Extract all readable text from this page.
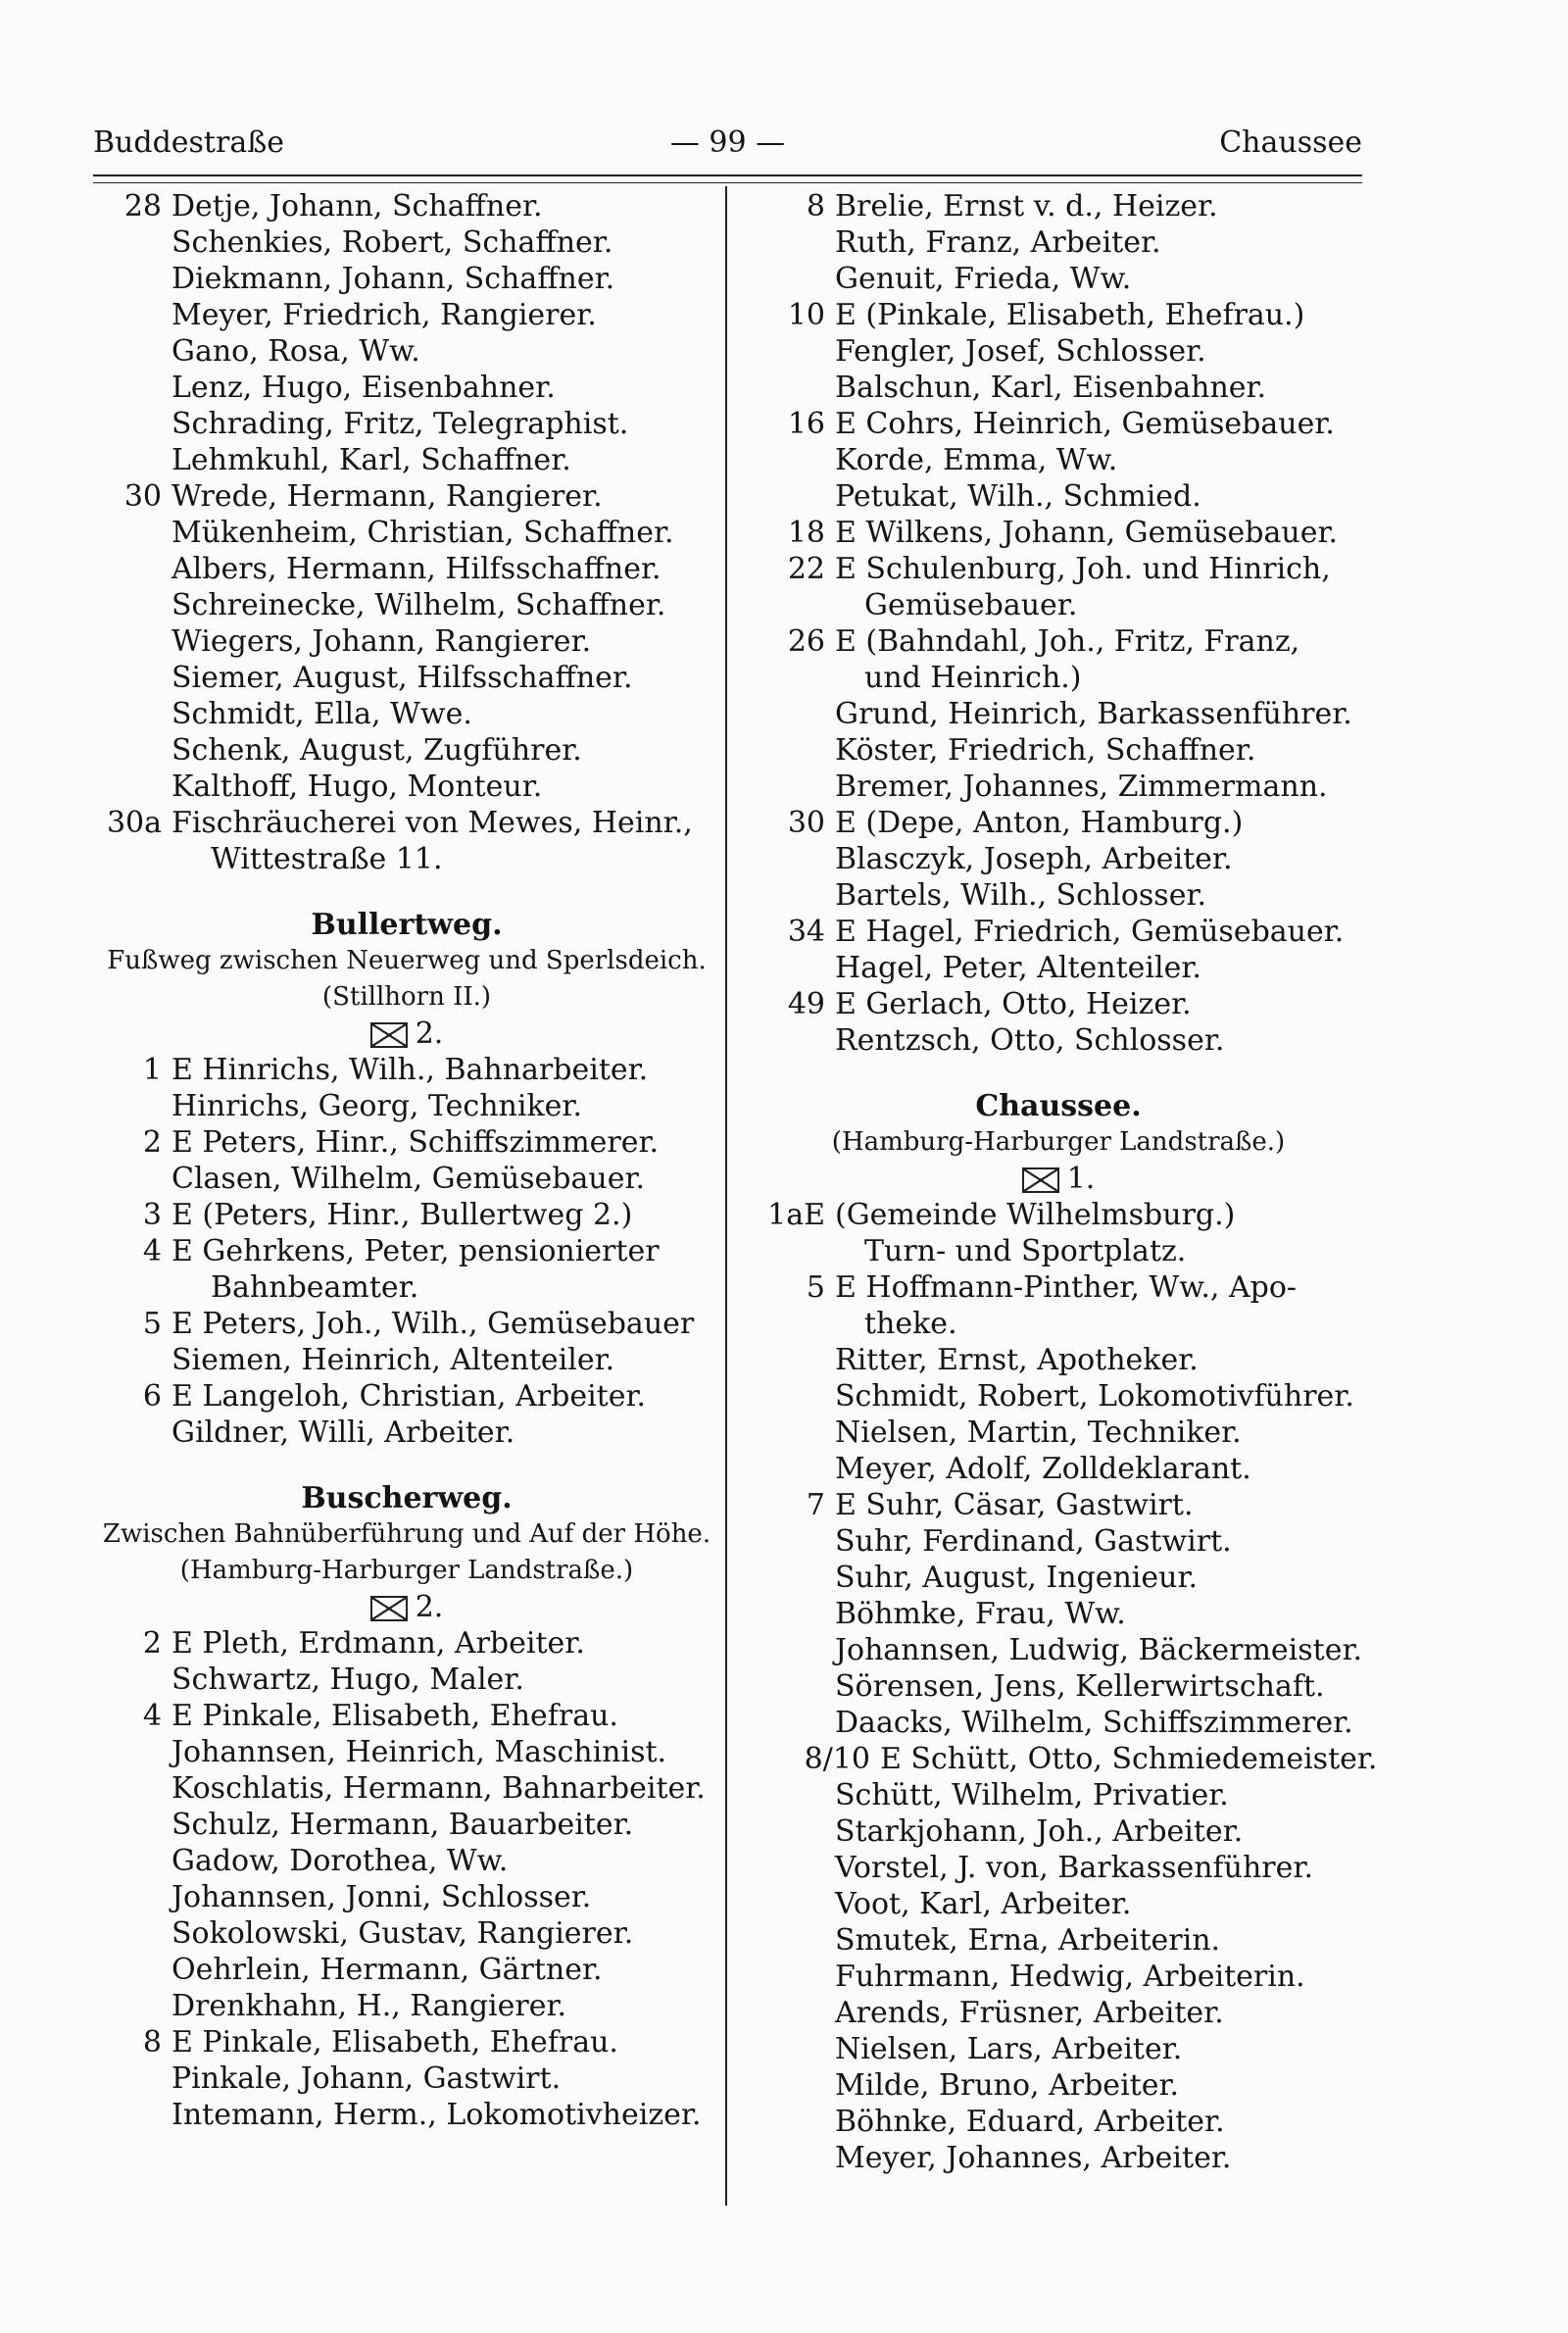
Buddestraße	— 99 —	Chaussee
28 Detje, Johann, Schaffner.
Schenkies, Robert, Schaffner.
Diekmann, Johann, Schaffner.
Meyer, Friedrich, Rangierer.
Gano, Rosa, Ww.
Lenz, Hugo, Eisenbahner.
Schrading, Fritz, Telegraphist.
Lehmkuhl, Karl, Schaffner.
30 Wrede, Hermann, Rangierer.
Mükenheim, Christian, Schaffner.
Albers, Hermann, Hilfsschaffner.
Schreinecke, Wilhelm, Schaffner.
Wiegers, Johann, Rangierer.
Siemer, August, Hilfsschaffner.
Schmidt, Ella, Wwe.
Schenk, August, Zugführer.
Kalthoff, Hugo, Monteur.
30a Fischräucherei von Mewes, Heinr.,
Wittestraße 11.
Bullertweg.
Fußweg zwischen Neuerweg und Sperlsdeich.
(Stillhorn II.)
2.
1 E Hinrichs, Wilh., Bahnarbeiter.
Hinrichs, Georg, Techniker.
2 E Peters, Hinr., Schiffszimmerer.
Clasen, Wilhelm, Gemüsebauer.
3 E (Peters, Hinr., Bullertweg 2.)
4 E Gehrkens, Peter, pensionierter
Bahnbeamter.
5 E Peters, Joh., Wilh., Gemüsebauer
Siemen, Heinrich, Altenteiler.
6 E Langeloh, Christian, Arbeiter.
Gildner, Willi, Arbeiter.
Buscherweg.
Zwischen Bahnüberführung und Auf der Höhe.
(Hamburg-Harburger Landstraße.)
2.
2 E Pleth, Erdmann, Arbeiter.
Schwartz, Hugo, Maler.
4 E Pinkale, Elisabeth, Ehefrau.
Johannsen, Heinrich, Maschinist.
Koschlatis, Hermann, Bahnarbeiter.
Schulz, Hermann, Bauarbeiter.
Gadow, Dorothea, Ww.
Johannsen, Jonni, Schlosser.
Sokolowski, Gustav, Rangierer.
Oehrlein, Hermann, Gärtner.
Drenkhahn, H., Rangierer.
8 E Pinkale, Elisabeth, Ehefrau.
Pinkale, Johann, Gastwirt.
Intemann, Herm., Lokomotivheizer.
8 Brelie, Ernst v. d., Heizer.
Ruth, Franz, Arbeiter.
Genuit, Frieda, Ww.
10 E (Pinkale, Elisabeth, Ehefrau.)
Fengler, Josef, Schlosser.
Balschun, Karl, Eisenbahner.
16 E Cohrs, Heinrich, Gemüsebauer.
Korde, Emma, Ww.
Petukat, Wilh., Schmied.
18 E Wilkens, Johann, Gemüsebauer.
22 E Schulenburg, Joh. und Hinrich,
Gemüsebauer.
26 E (Bahndahl, Joh., Fritz, Franz,
und Heinrich.)
Grund, Heinrich, Barkassenführer.
Köster, Friedrich, Schaffner.
Bremer, Johannes, Zimmermann.
30 E (Depe, Anton, Hamburg.)
Blasczyk, Joseph, Arbeiter.
Bartels, Wilh., Schlosser.
34 E Hagel, Friedrich, Gemüsebauer.
Hagel, Peter, Altenteiler.
49 E Gerlach, Otto, Heizer.
Rentzsch, Otto, Schlosser.
Chaussee.
(Hamburg-Harburger Landstraße.)
1.
1aE (Gemeinde Wilhelmsburg.)
Turn- und Sportplatz.
5 E Hoffmann-Pinther, Ww., Apo-
theke.
Ritter, Ernst, Apotheker.
Schmidt, Robert, Lokomotivführer.
Nielsen, Martin, Techniker.
Meyer, Adolf, Zolldeklarant.
7 E Suhr, Cäsar, Gastwirt.
Suhr, Ferdinand, Gastwirt.
Suhr, August, Ingenieur.
Böhmke, Frau, Ww.
Johannsen, Ludwig, Bäckermeister.
Sörensen, Jens, Kellerwirtschaft.
Daacks, Wilhelm, Schiffszimmerer.
8/10 E Schütt, Otto, Schmiedemeister.
Schütt, Wilhelm, Privatier.
Starkjohann, Joh., Arbeiter.
Vorstel, J. von, Barkassenführer.
Voot, Karl, Arbeiter.
Smutek, Erna, Arbeiterin.
Fuhrmann, Hedwig, Arbeiterin.
Arends, Früsner, Arbeiter.
Nielsen, Lars, Arbeiter.
Milde, Bruno, Arbeiter.
Böhnke, Eduard, Arbeiter.
Meyer, Johannes, Arbeiter.
